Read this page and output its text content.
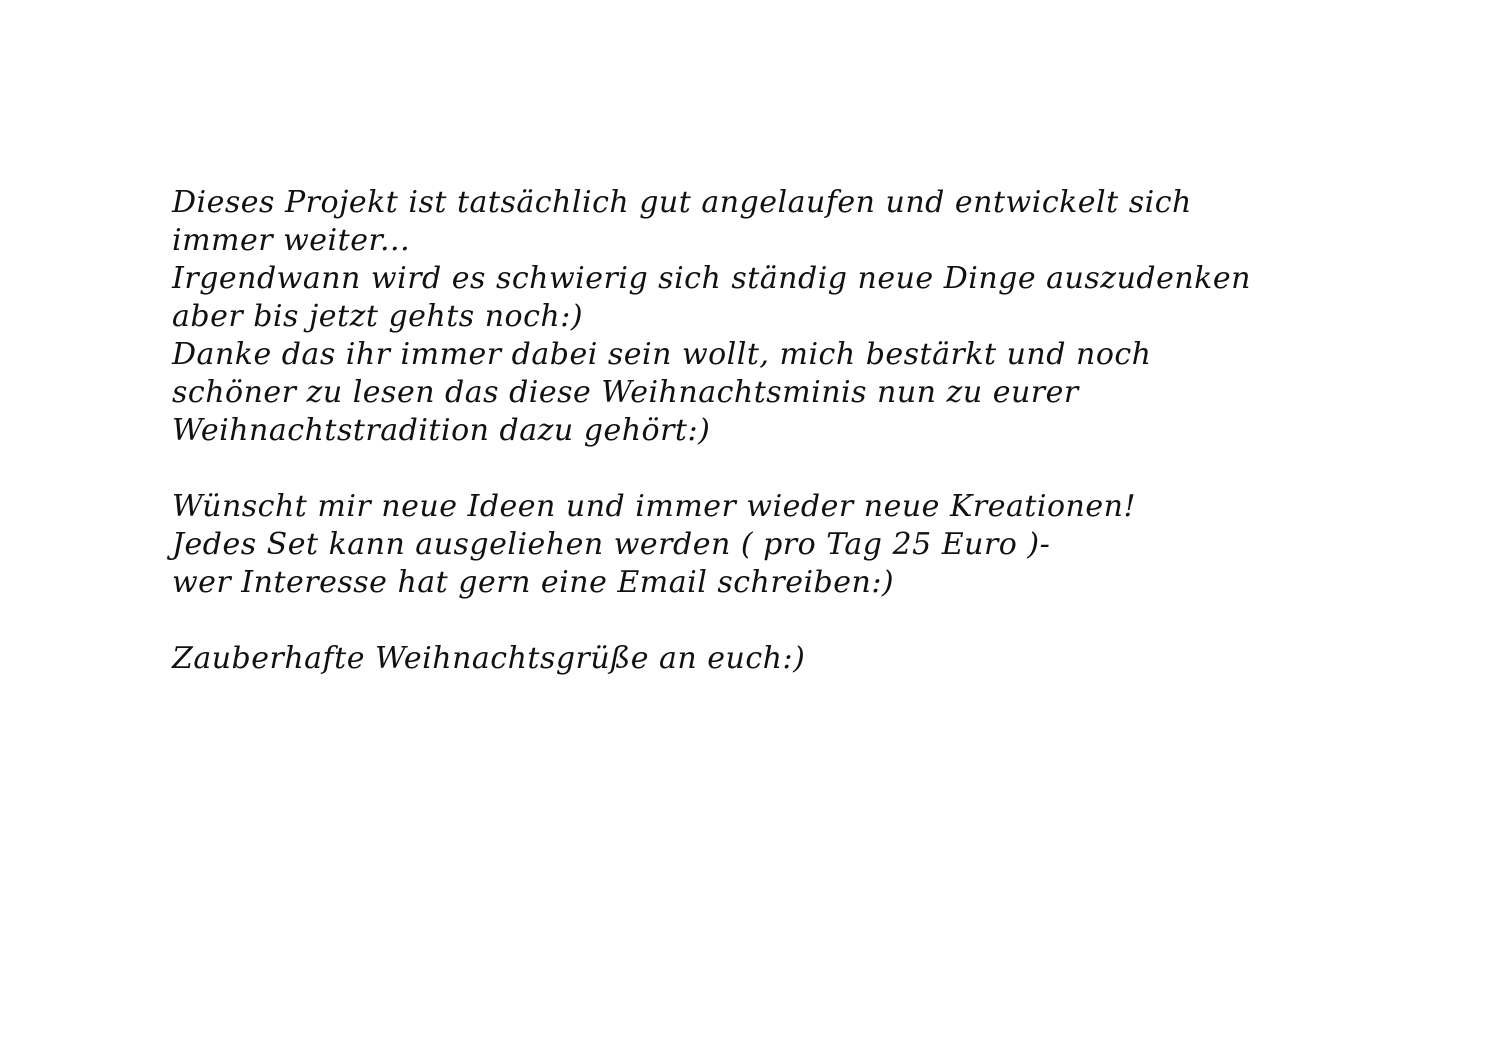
Dieses Projekt ist tatsächlich gut angelaufen und entwickelt sich
immer weiter...
Irgendwann wird es schwierig sich ständig neue Dinge auszudenken
aber bis jetzt gehts noch:)
Danke das ihr immer dabei sein wollt, mich bestärkt und noch
schöner zu lesen das diese Weihnachtsminis nun zu eurer
Weihnachtstradition dazu gehört:)

Wünscht mir neue Ideen und immer wieder neue Kreationen!
Jedes Set kann ausgeliehen werden ( pro Tag 25 Euro )-
wer Interesse hat gern eine Email schreiben:)

Zauberhafte Weihnachtsgrüße an euch:)
